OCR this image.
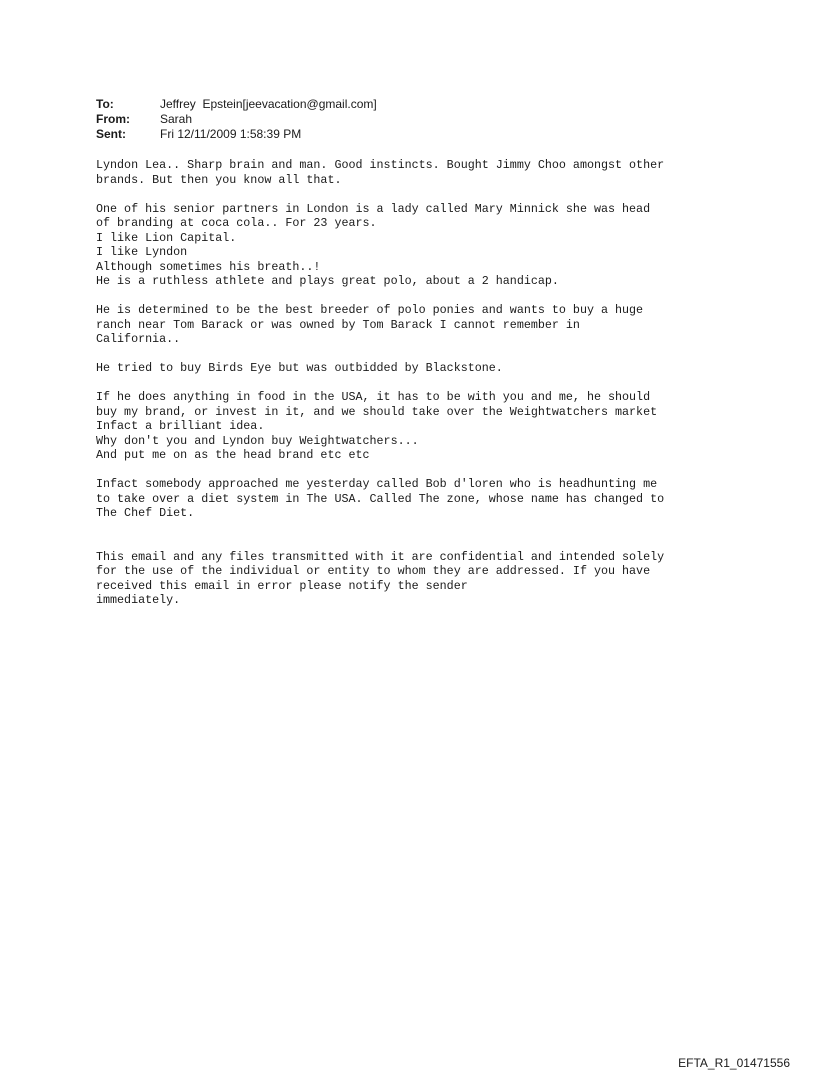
To:	Jeffrey  Epstein[jeevacation@gmail.com]
From:	Sarah
Sent:	Fri 12/11/2009 1:58:39 PM
Lyndon Lea.. Sharp brain and man. Good instincts. Bought Jimmy Choo amongst other
brands. But then you know all that.
One of his senior partners in London is a lady called Mary Minnick she was head
of branding at coca cola.. For 23 years.
I like Lion Capital.
I like Lyndon
Although sometimes his breath..!
He is a ruthless athlete and plays great polo, about a 2 handicap.
He is determined to be the best breeder of polo ponies and wants to buy a huge
ranch near Tom Barack or was owned by Tom Barack I cannot remember in
California..
He tried to buy Birds Eye but was outbidded by Blackstone.
If he does anything in food in the USA, it has to be with you and me, he should
buy my brand, or invest in it, and we should take over the Weightwatchers market
Infact a brilliant idea.
Why don't you and Lyndon buy Weightwatchers...
And put me on as the head brand etc etc
Infact somebody approached me yesterday called Bob d'loren who is headhunting me
to take over a diet system in The USA. Called The zone, whose name has changed to
The Chef Diet.
This email and any files transmitted with it are confidential and intended solely
for the use of the individual or entity to whom they are addressed. If you have
received this email in error please notify the sender
immediately.
EFTA_R1_01471556
